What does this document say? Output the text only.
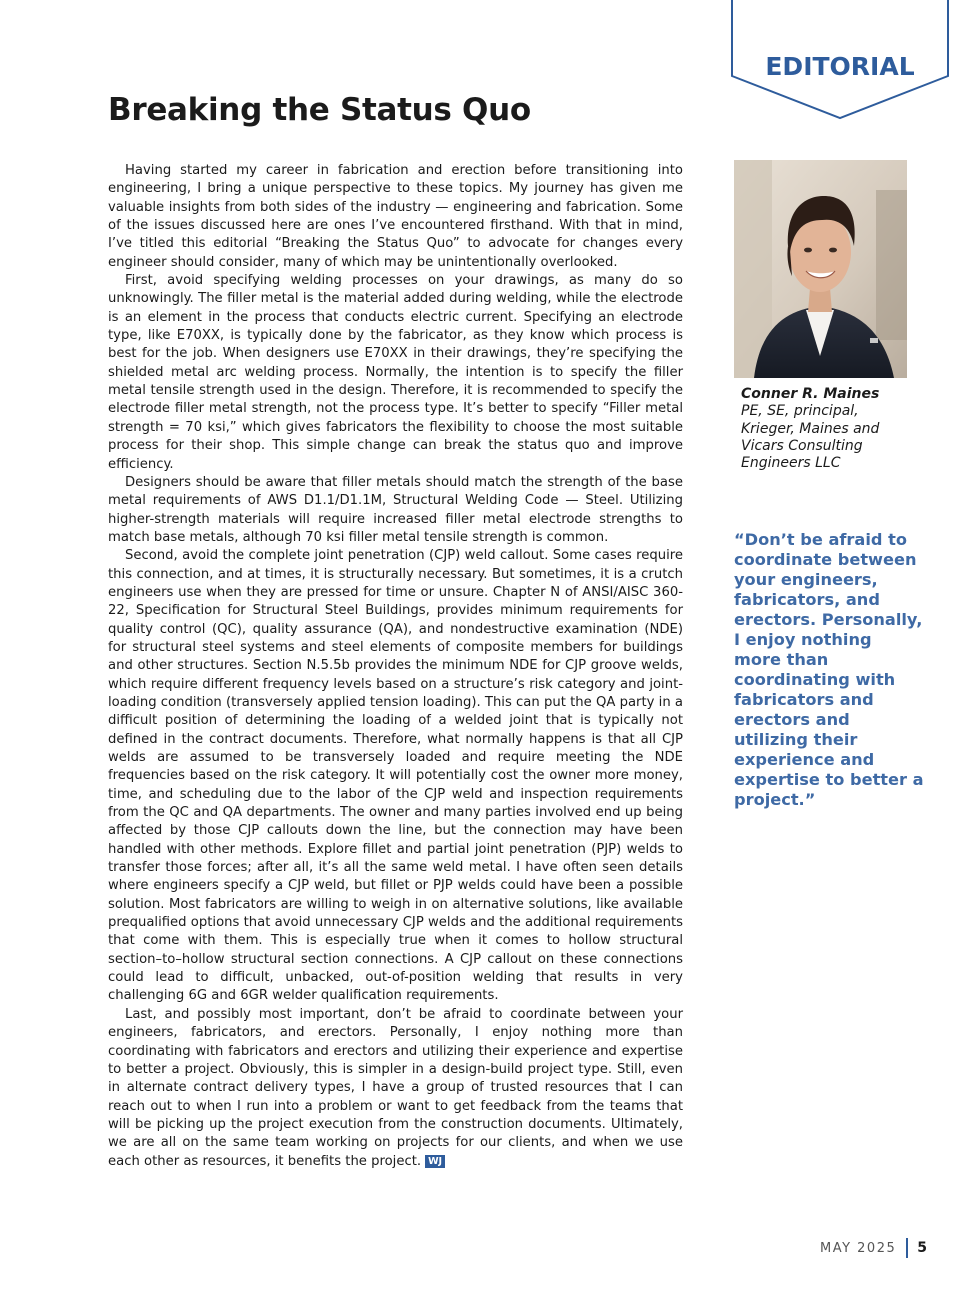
EDITORIAL
Breaking the Status Quo

Having started my career in fabrication and erection before transitioning into engineering, I bring a unique perspective to these topics. My journey has given me valuable insights from both sides of the industry — engineering and fabrication. Some of the issues discussed here are ones I’ve encountered firsthand. With that in mind, I’ve titled this editorial “Breaking the Status Quo” to advocate for changes every engineer should consider, many of which may be unintentionally overlooked.

First, avoid specifying welding processes on your drawings, as many do so unknowingly. The filler metal is the material added during welding, while the electrode is an element in the process that conducts electric current. Specifying an electrode type, like E70XX, is typically done by the fabricator, as they know which process is best for the job. When designers use E70XX in their drawings, they’re specifying the shielded metal arc welding process. Normally, the intention is to specify the filler metal tensile strength used in the design. Therefore, it is recommended to specify the electrode filler metal strength, not the process type. It’s better to specify “Filler metal strength = 70 ksi,” which gives fabricators the flexibility to choose the most suitable process for their shop. This simple change can break the status quo and improve efficiency.

Designers should be aware that filler metals should match the strength of the base metal requirements of AWS D1.1/D1.1M, Structural Welding Code — Steel. Utilizing higher-strength materials will require increased filler metal electrode strengths to match base metals, although 70 ksi filler metal tensile strength is common.

Second, avoid the complete joint penetration (CJP) weld callout. Some cases require this connection, and at times, it is structurally necessary. But sometimes, it is a crutch engineers use when they are pressed for time or unsure. Chapter N of ANSI/AISC 360-22, Specification for Structural Steel Buildings, provides minimum requirements for quality control (QC), quality assurance (QA), and nondestructive examination (NDE) for structural steel systems and steel elements of composite members for buildings and other structures. Section N.5.5b provides the minimum NDE for CJP groove welds, which require different frequency levels based on a structure’s risk category and joint-loading condition (transversely applied tension loading). This can put the QA party in a difficult position of determining the loading of a welded joint that is typically not defined in the contract documents. Therefore, what normally happens is that all CJP welds are assumed to be transversely loaded and require meeting the NDE frequencies based on the risk category. It will potentially cost the owner more money, time, and scheduling due to the labor of the CJP weld and inspection requirements from the QC and QA departments. The owner and many parties involved end up being affected by those CJP callouts down the line, but the connection may have been handled with other methods. Explore fillet and partial joint penetration (PJP) welds to transfer those forces; after all, it’s all the same weld metal. I have often seen details where engineers specify a CJP weld, but fillet or PJP welds could have been a possible solution. Most fabricators are willing to weigh in on alternative solutions, like available prequalified options that avoid unnecessary CJP welds and the additional requirements that come with them. This is especially true when it comes to hollow structural section–to–hollow structural section connections. A CJP callout on these connections could lead to difficult, unbacked, out-of-position welding that results in very challenging 6G and 6GR welder qualification requirements.

Last, and possibly most important, don’t be afraid to coordinate between your engineers, fabricators, and erectors. Personally, I enjoy nothing more than coordinating with fabricators and erectors and utilizing their experience and expertise to better a project. Obviously, this is simpler in a design-build project type. Still, even in alternate contract delivery types, I have a group of trusted resources that I can reach out to when I run into a problem or want to get feedback from the teams that will be picking up the project execution from the construction documents. Ultimately, we are all on the same team working on projects for our clients, and when we use each other as resources, it benefits the project. WJ

Conner R. Maines
PE, SE, principal,
Krieger, Maines and
Vicars Consulting
Engineers LLC

“Don’t be afraid to coordinate between your engineers, fabricators, and erectors. Personally, I enjoy nothing more than coordinating with fabricators and erectors and utilizing their experience and expertise to better a project.”

MAY 2025 5
